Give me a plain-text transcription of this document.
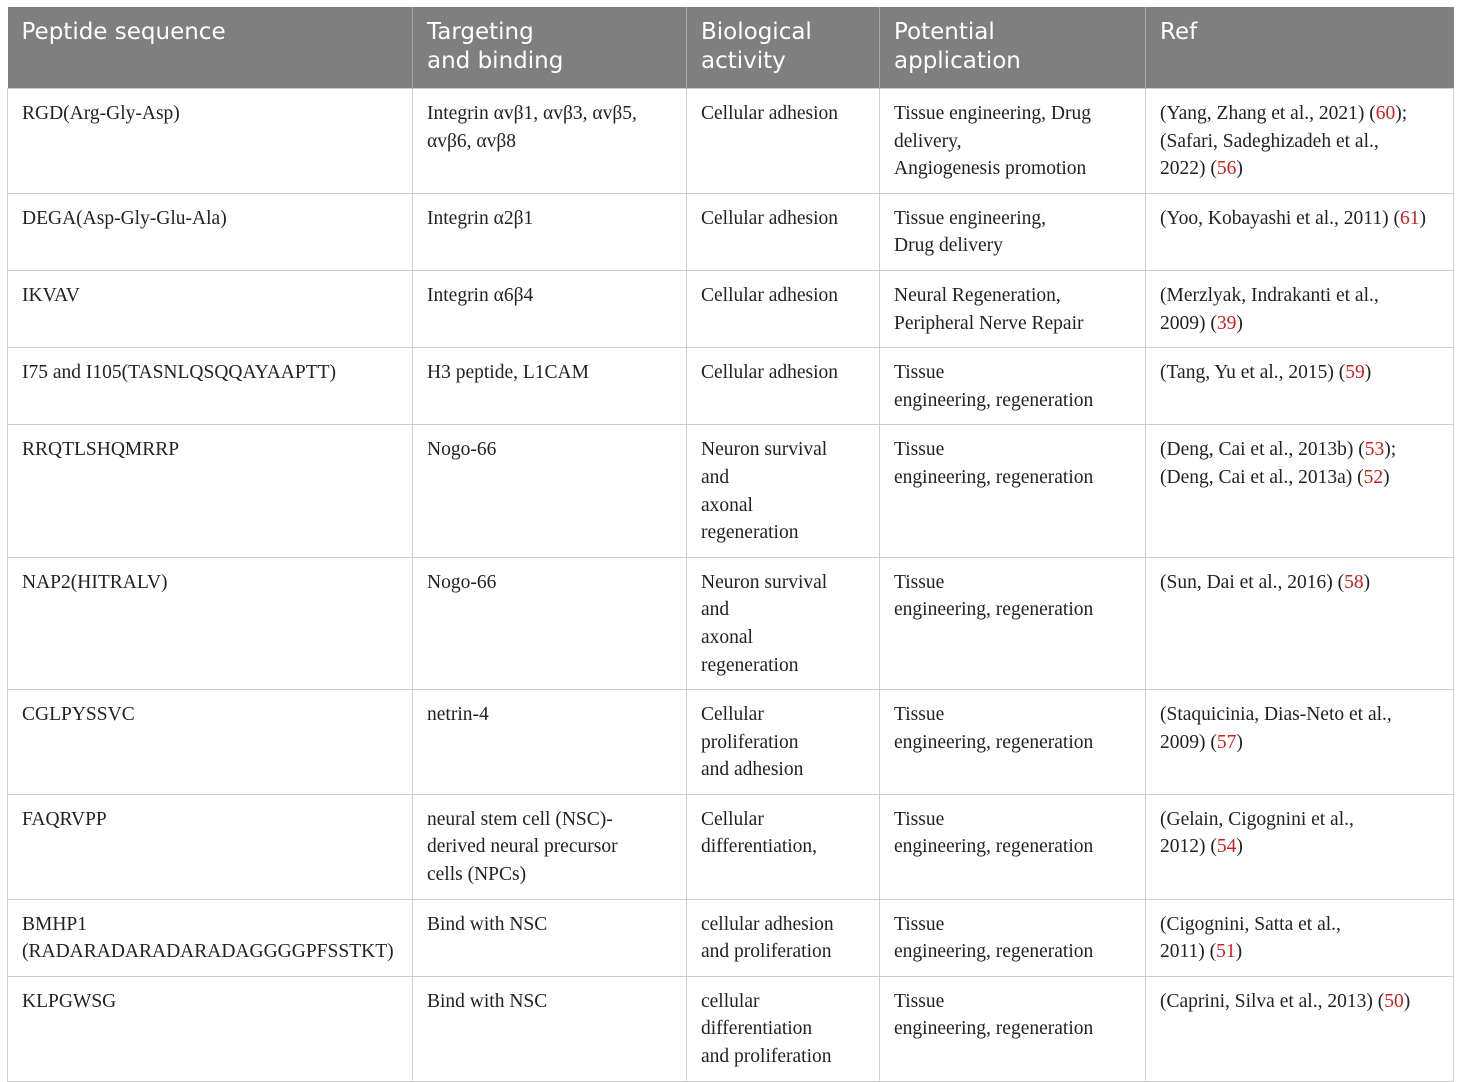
Peptide sequence	Targeting
and binding	Biological
activity	Potential
application	Ref

RGD(Arg-Gly-Asp)	Integrin αvβ1, αvβ3, αvβ5,
αvβ6, αvβ8	Cellular adhesion	Tissue engineering, Drug
delivery,
Angiogenesis promotion	(Yang, Zhang et al., 2021) (60);
(Safari, Sadeghizadeh et al.,
2022) (56)

DEGA(Asp-Gly-Glu-Ala)	Integrin α2β1	Cellular adhesion	Tissue engineering,
Drug delivery	(Yoo, Kobayashi et al., 2011) (61)

IKVAV	Integrin α6β4	Cellular adhesion	Neural Regeneration,
Peripheral Nerve Repair	(Merzlyak, Indrakanti et al.,
2009) (39)

I75 and I105(TASNLQSQQAYAAPTT)	H3 peptide, L1CAM	Cellular adhesion	Tissue
engineering, regeneration	(Tang, Yu et al., 2015) (59)

RRQTLSHQMRRP	Nogo-66	Neuron survival
and
axonal
regeneration	Tissue
engineering, regeneration	(Deng, Cai et al., 2013b) (53);
(Deng, Cai et al., 2013a) (52)

NAP2(HITRALV)	Nogo-66	Neuron survival
and
axonal
regeneration	Tissue
engineering, regeneration	(Sun, Dai et al., 2016) (58)

CGLPYSSVC	netrin-4	Cellular
proliferation
and adhesion	Tissue
engineering, regeneration	(Staquicinia, Dias-Neto et al.,
2009) (57)

FAQRVPP	neural stem cell (NSC)-
derived neural precursor
cells (NPCs)	Cellular
differentiation,	Tissue
engineering, regeneration	(Gelain, Cigognini et al.,
2012) (54)

BMHP1
(RADARADARADARADAGGGGPFSSTKT)	Bind with NSC	cellular adhesion
and proliferation	Tissue
engineering, regeneration	(Cigognini, Satta et al.,
2011) (51)

KLPGWSG	Bind with NSC	cellular
differentiation
and proliferation	Tissue
engineering, regeneration	(Caprini, Silva et al., 2013) (50)
